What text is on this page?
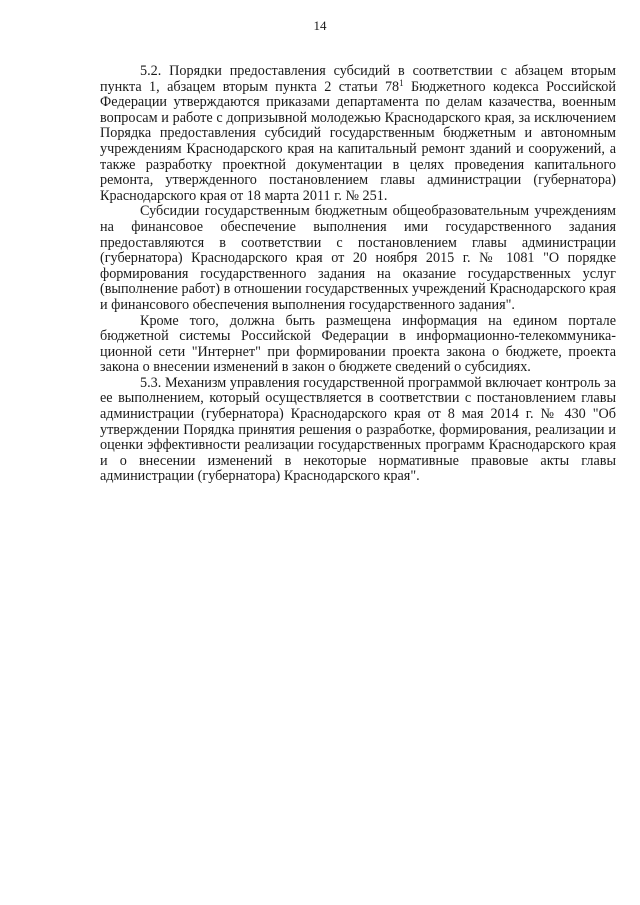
14

5.2. Порядки предоставления субсидий в соответствии с абзацем вторым пункта 1, абзацем вторым пункта 2 статьи $78^1$ Бюджетного кодекса Российской Федерации утверждаются приказами департамента по делам казачества, военным вопросам и работе с допризывной молодежью Краснодарского края, за исключением Порядка предоставления субсидий государственным бюджетным и автономным учреждениям Краснодарского края на капитальный ремонт зданий и сооружений, а также разработку проектной документации в целях проведения капитального ремонта, утвержденного постановлением главы администрации (губернатора) Краснодарского края от 18 марта 2011 г. № 251.

Субсидии государственным бюджетным общеобразовательным учреждениям на финансовое обеспечение выполнения ими государственного задания предоставляются в соответствии с постановлением главы администрации (губернатора) Краснодарского края от 20 ноября 2015 г. № 1081 "О порядке формирования государственного задания на оказание государственных услуг (выполнение работ) в отношении государственных учреждений Краснодарского края и финансового обеспечения выполнения государственного задания".

Кроме того, должна быть размещена информация на едином портале бюджетной системы Российской Федерации в информационно-телекоммуникационной сети "Интернет" при формировании проекта закона о бюджете, проекта закона о внесении изменений в закон о бюджете сведений о субсидиях.

5.3. Механизм управления государственной программой включает контроль за ее выполнением, который осуществляется в соответствии с постановлением главы администрации (губернатора) Краснодарского края от 8 мая 2014 г. № 430 "Об утверждении Порядка принятия решения о разработке, формирования, реализации и оценки эффективности реализации государственных программ Краснодарского края и о внесении изменений в некоторые нормативные правовые акты главы администрации (губернатора) Краснодарского края".
